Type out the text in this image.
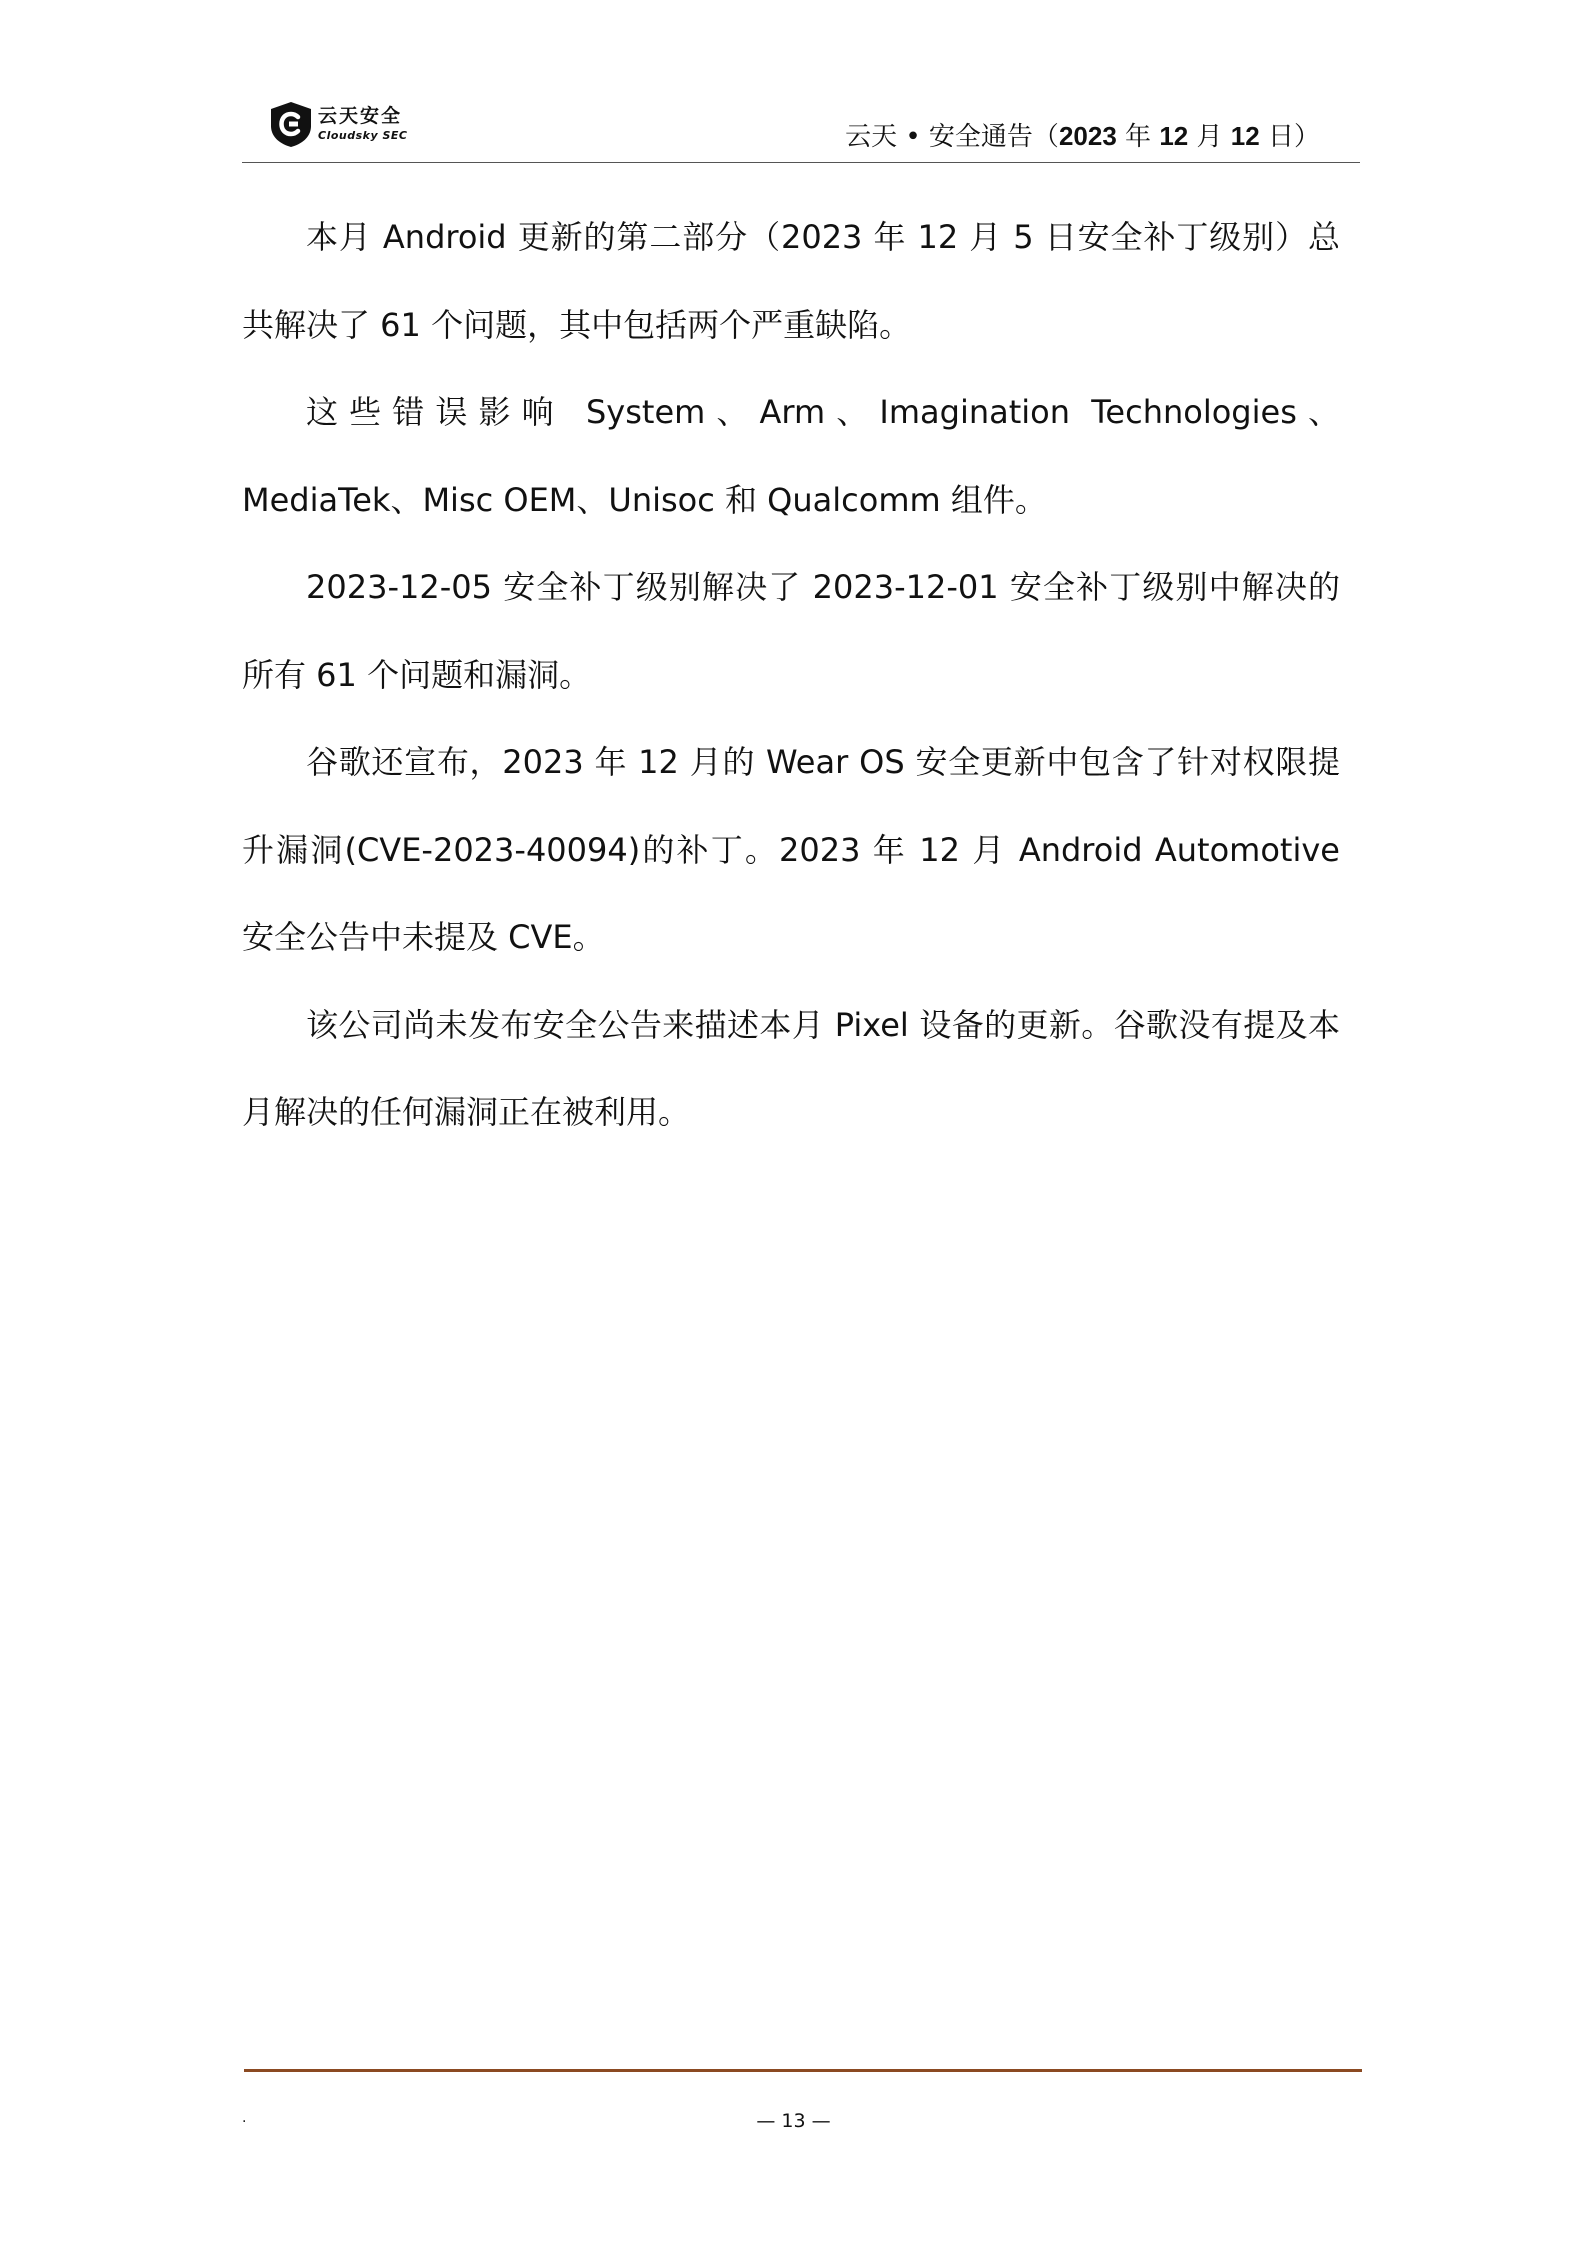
云天安全
Cloudsky SEC	云天 • 安全通告（2023 年 12 月 12 日）

本月 Android 更新的第二部分（2023 年 12 月 5 日安全补丁级别）总共解决了 61 个问题，其中包括两个严重缺陷。

这些错误影响 System、Arm、Imagination Technologies、MediaTek、Misc OEM、Unisoc 和 Qualcomm 组件。

2023-12-05 安全补丁级别解决了 2023-12-01 安全补丁级别中解决的所有 61 个问题和漏洞。

谷歌还宣布，2023 年 12 月的 Wear OS 安全更新中包含了针对权限提升漏洞(CVE-2023-40094)的补丁。2023 年 12 月 Android Automotive 安全公告中未提及 CVE。

该公司尚未发布安全公告来描述本月 Pixel 设备的更新。谷歌没有提及本月解决的任何漏洞正在被利用。

.	— 13 —
